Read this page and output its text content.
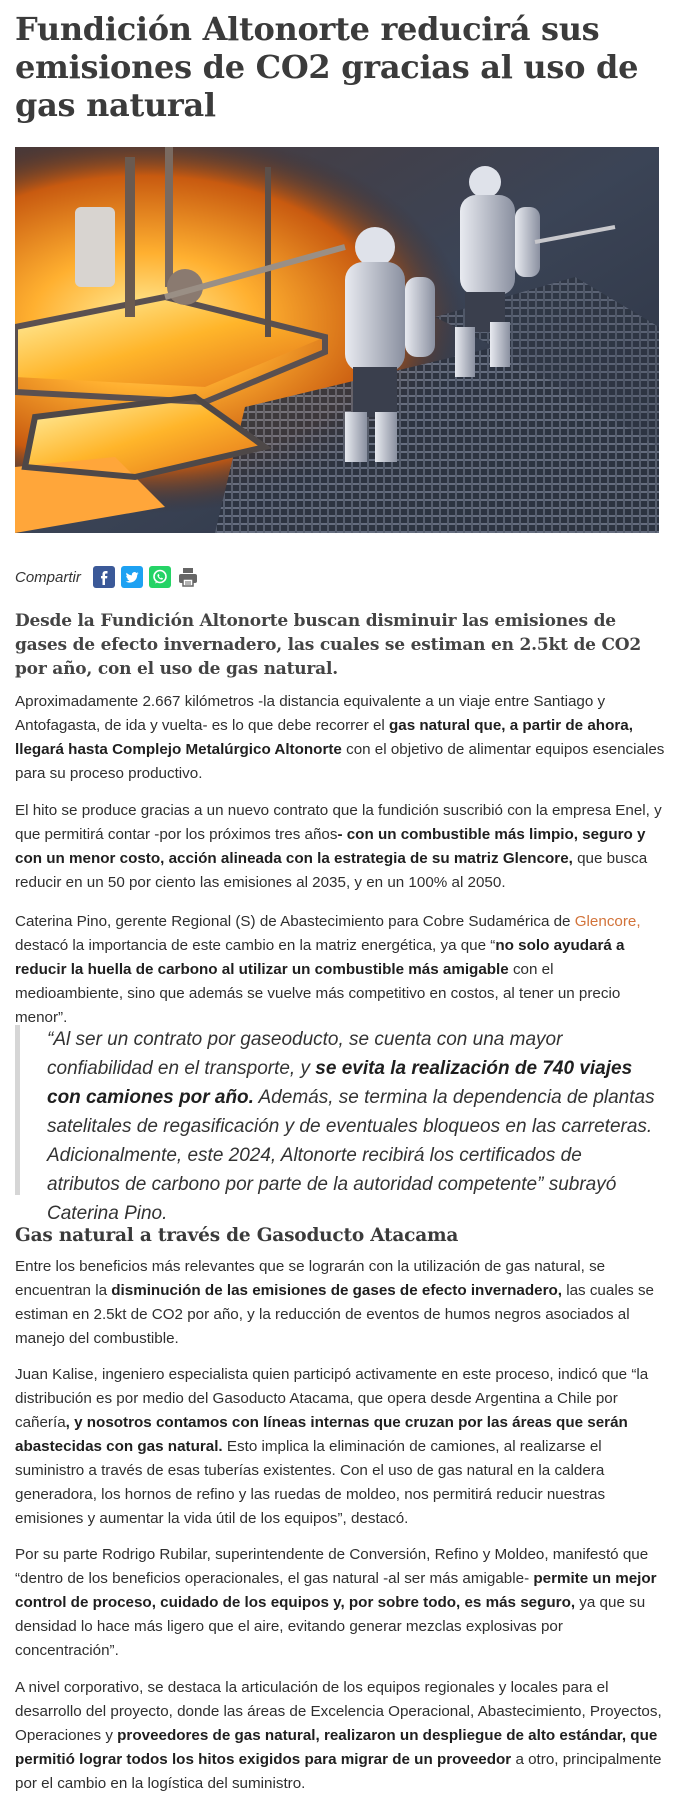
Fundición Altonorte reducirá sus emisiones de CO2 gracias al uso de gas natural
Compartir

Desde la Fundición Altonorte buscan disminuir las emisiones de gases de efecto invernadero, las cuales se estiman en 2.5kt de CO2 por año, con el uso de gas natural.

Aproximadamente 2.667 kilómetros -la distancia equivalente a un viaje entre Santiago y Antofagasta, de ida y vuelta- es lo que debe recorrer el gas natural que, a partir de ahora, llegará hasta Complejo Metalúrgico Altonorte con el objetivo de alimentar equipos esenciales para su proceso productivo.

El hito se produce gracias a un nuevo contrato que la fundición suscribió con la empresa Enel, y que permitirá contar -por los próximos tres años- con un combustible más limpio, seguro y con un menor costo, acción alineada con la estrategia de su matriz Glencore, que busca reducir en un 50 por ciento las emisiones al 2035, y en un 100% al 2050.

Caterina Pino, gerente Regional (S) de Abastecimiento para Cobre Sudamérica de Glencore, destacó la importancia de este cambio en la matriz energética, ya que “no solo ayudará a reducir la huella de carbono al utilizar un combustible más amigable con el medioambiente, sino que además se vuelve más competitivo en costos, al tener un precio menor”.

“Al ser un contrato por gaseoducto, se cuenta con una mayor confiabilidad en el transporte, y se evita la realización de 740 viajes con camiones por año. Además, se termina la dependencia de plantas satelitales de regasificación y de eventuales bloqueos en las carreteras. Adicionalmente, este 2024, Altonorte recibirá los certificados de atributos de carbono por parte de la autoridad competente” subrayó Caterina Pino.
Gas natural a través de Gasoducto Atacama

Entre los beneficios más relevantes que se lograrán con la utilización de gas natural, se encuentran la disminución de las emisiones de gases de efecto invernadero, las cuales se estiman en 2.5kt de CO2 por año, y la reducción de eventos de humos negros asociados al manejo del combustible.

Juan Kalise, ingeniero especialista quien participó activamente en este proceso, indicó que “la distribución es por medio del Gasoducto Atacama, que opera desde Argentina a Chile por cañería, y nosotros contamos con líneas internas que cruzan por las áreas que serán abastecidas con gas natural. Esto implica la eliminación de camiones, al realizarse el suministro a través de esas tuberías existentes. Con el uso de gas natural en la caldera generadora, los hornos de refino y las ruedas de moldeo, nos permitirá reducir nuestras emisiones y aumentar la vida útil de los equipos”, destacó.

Por su parte Rodrigo Rubilar, superintendente de Conversión, Refino y Moldeo, manifestó que “dentro de los beneficios operacionales, el gas natural -al ser más amigable- permite un mejor control de proceso, cuidado de los equipos y, por sobre todo, es más seguro, ya que su densidad lo hace más ligero que el aire, evitando generar mezclas explosivas por concentración”.

A nivel corporativo, se destaca la articulación de los equipos regionales y locales para el desarrollo del proyecto, donde las áreas de Excelencia Operacional, Abastecimiento, Proyectos, Operaciones y proveedores de gas natural, realizaron un despliegue de alto estándar, que permitió lograr todos los hitos exigidos para migrar de un proveedor a otro, principalmente por el cambio en la logística del suministro.
